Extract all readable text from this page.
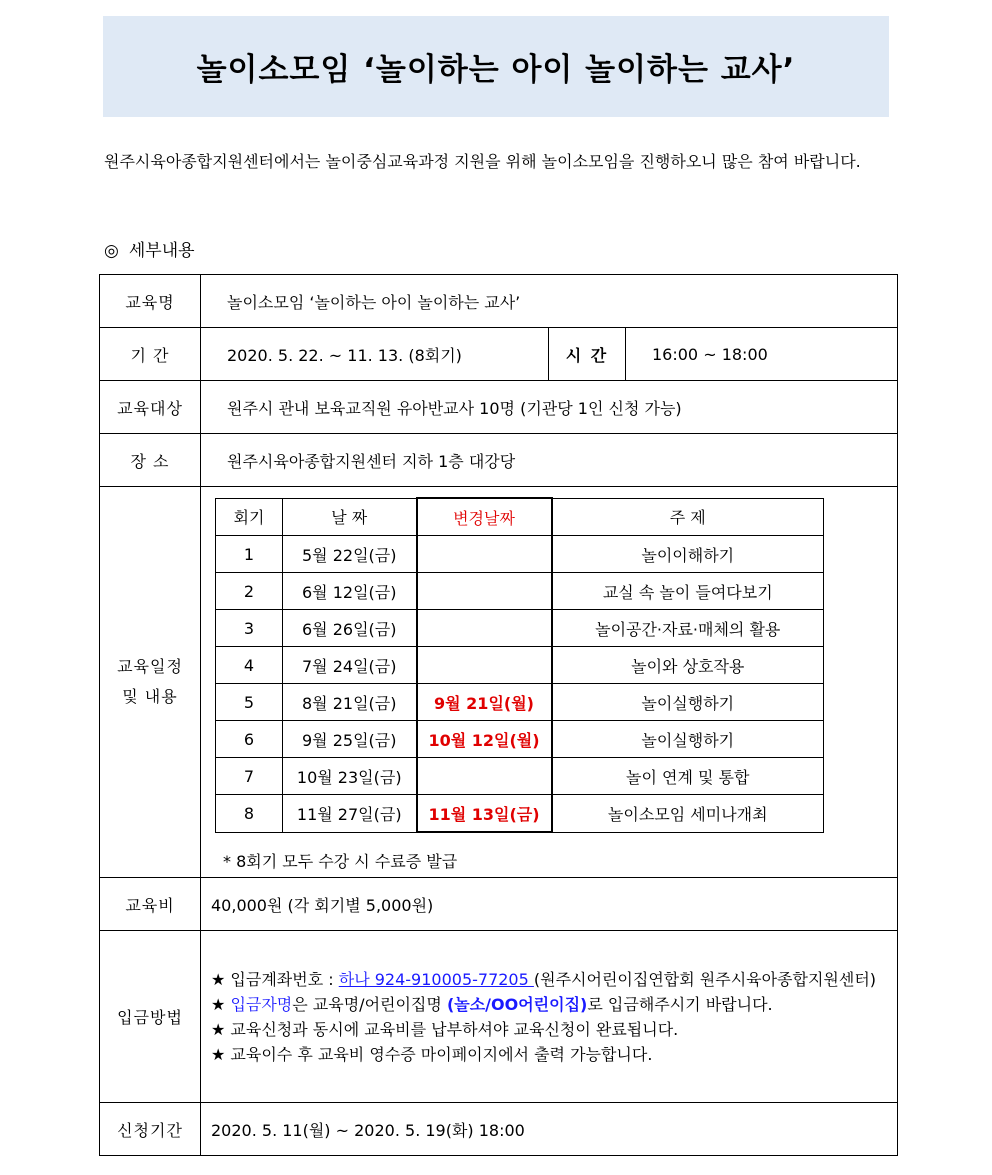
놀이소모임 ‘놀이하는 아이 놀이하는 교사’
원주시육아종합지원센터에서는 놀이중심교육과정 지원을 위해 놀이소모임을 진행하오니 많은 참여 바랍니다.
◎ 세부내용
교육명	놀이소모임 ‘놀이하는 아이 놀이하는 교사’
기 간	2020. 5. 22. ~ 11. 13. (8회기)	시 간	16:00 ~ 18:00
교육대상	원주시 관내 보육교직원 유아반교사 10명 (기관당 1인 신청 가능)
장 소	원주시육아종합지원센터 지하 1층 대강당

교육일정
및 내용

회기	날 짜	변경날짜	주 제
1	5월 22일(금)		놀이이해하기
2	6월 12일(금)		교실 속 놀이 들여다보기
3	6월 26일(금)		놀이공간·자료·매체의 활용
4	7월 24일(금)		놀이와 상호작용
5	8월 21일(금)	9월 21일(월)	놀이실행하기
6	9월 25일(금)	10월 12일(월)	놀이실행하기
7	10월 23일(금)		놀이 연계 및 통합
8	11월 27일(금)	11월 13일(금)	놀이소모임 세미나개최
* 8회기 모두 수강 시 수료증 발급

교육비	40,000원 (각 회기별 5,000원)
입금방법	
★ 입금계좌번호 : 하나 924-910005-77205 (원주시어린이집연합회 원주시육아종합지원센터)
★ 입금자명은 교육명/어린이집명 (놀소/OO어린이집)로 입금해주시기 바랍니다.
★ 교육신청과 동시에 교육비를 납부하셔야 교육신청이 완료됩니다.
★ 교육이수 후 교육비 영수증 마이페이지에서 출력 가능합니다.

신청기간	2020. 5. 11(월) ~ 2020. 5. 19(화) 18:00
